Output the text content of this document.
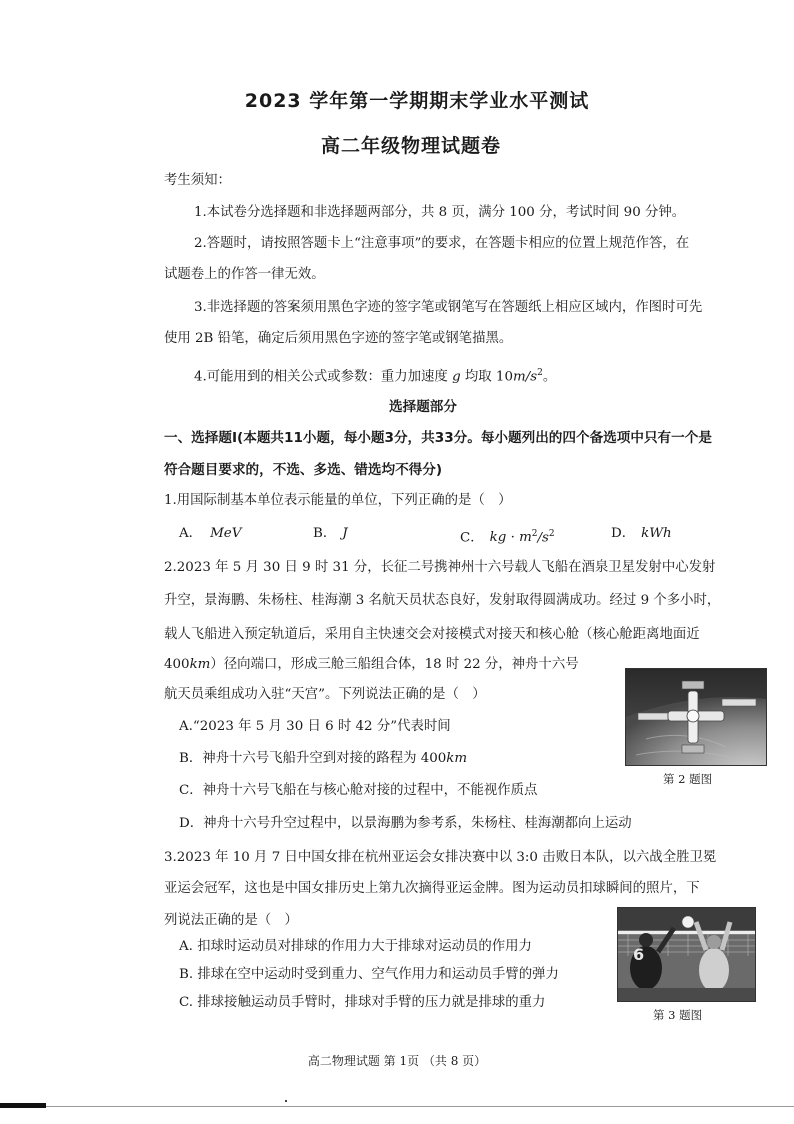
2023 学年第一学期期末学业水平测试
高二年级物理试题卷
考生须知：
1.本试卷分选择题和非选择题两部分，共 8 页，满分 100 分，考试时间 90 分钟。
2.答题时，请按照答题卡上“注意事项”的要求，在答题卡相应的位置上规范作答，在
试题卷上的作答一律无效。
3.非选择题的答案须用黑色字迹的签字笔或钢笔写在答题纸上相应区域内，作图时可先
使用 2B 铅笔，确定后须用黑色字迹的签字笔或钢笔描黑。
4.可能用到的相关公式或参数：重力加速度 g 均取 $10m/s^2$。
选择题部分
一、选择题Ⅰ(本题共11小题，每小题3分，共33分。每小题列出的四个备选项中只有一个是
符合题目要求的，不选、多选、错选均不得分)
1.用国际制基本单位表示能量的单位，下列正确的是（　）
A． MeV	B． J	C． kg · $m^2/s^2$	D． kWh
2.2023 年 5 月 30 日 9 时 31 分，长征二号携神州十六号载人飞船在酒泉卫星发射中心发射
升空，景海鹏、朱杨柱、桂海潮 3 名航天员状态良好，发射取得圆满成功。经过 9 个多小时，
载人飞船进入预定轨道后，采用自主快速交会对接模式对接天和核心舱（核心舱距离地面近
400km）径向端口，形成三舱三船组合体，18 时 22 分，神舟十六号
航天员乘组成功入驻“天宫”。下列说法正确的是（　）
A.“2023 年 5 月 30 日 6 时 42 分”代表时间
B．神舟十六号飞船升空到对接的路程为 400km
C．神舟十六号飞船在与核心舱对接的过程中，不能视作质点
D．神舟十六号升空过程中，以景海鹏为参考系，朱杨柱、桂海潮都向上运动
第 2 题图
3.2023 年 10 月 7 日中国女排在杭州亚运会女排决赛中以 3:0 击败日本队，以六战全胜卫冕
亚运会冠军，这也是中国女排历史上第九次摘得亚运金牌。图为运动员扣球瞬间的照片，下
列说法正确的是（　）
A. 扣球时运动员对排球的作用力大于排球对运动员的作用力
B. 排球在空中运动时受到重力、空气作用力和运动员手臂的弹力
C. 排球接触运动员手臂时，排球对手臂的压力就是排球的重力
6
第 3 题图
高二物理试题 第 1页 （共 8 页）
